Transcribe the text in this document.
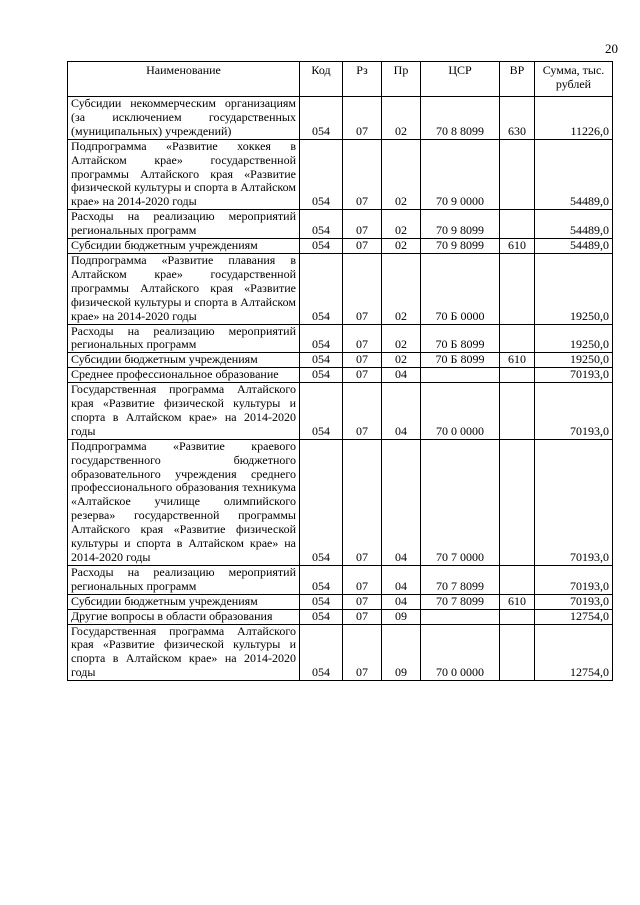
20
Наименование	Код	Рз	Пр	ЦСР	ВР	Сумма, тыс. рублей
Субсидии некоммерческим организациям (за исключением государственных (муниципальных) учреждений)	054	07	02	70 8 8099	630	11226,0
Подпрограмма «Развитие хоккея в Алтайском крае» государственной программы Алтайского края «Развитие физической культуры и спорта в Алтайском крае» на 2014-2020 годы	054	07	02	70 9 0000		54489,0
Расходы на реализацию мероприятий региональных программ	054	07	02	70 9 8099		54489,0
Субсидии бюджетным учреждениям	054	07	02	70 9 8099	610	54489,0
Подпрограмма «Развитие плавания в Алтайском крае» государственной программы Алтайского края «Развитие физической культуры и спорта в Алтайском крае» на 2014-2020 годы	054	07	02	70 Б 0000		19250,0
Расходы на реализацию мероприятий региональных программ	054	07	02	70 Б 8099		19250,0
Субсидии бюджетным учреждениям	054	07	02	70 Б 8099	610	19250,0
Среднее профессиональное образование	054	07	04			70193,0
Государственная программа Алтайского края «Развитие физической культуры и спорта в Алтайском крае» на 2014-2020 годы	054	07	04	70 0 0000		70193,0
Подпрограмма «Развитие краевого государственного бюджетного образовательного учреждения среднего профессионального образования техникума «Алтайское училище олимпийского резерва» государственной программы Алтайского края «Развитие физической культуры и спорта в Алтайском крае» на 2014-2020 годы	054	07	04	70 7 0000		70193,0
Расходы на реализацию мероприятий региональных программ	054	07	04	70 7 8099		70193,0
Субсидии бюджетным учреждениям	054	07	04	70 7 8099	610	70193,0
Другие вопросы в области образования	054	07	09			12754,0
Государственная программа Алтайского края «Развитие физической культуры и спорта в Алтайском крае» на 2014-2020 годы	054	07	09	70 0 0000		12754,0
